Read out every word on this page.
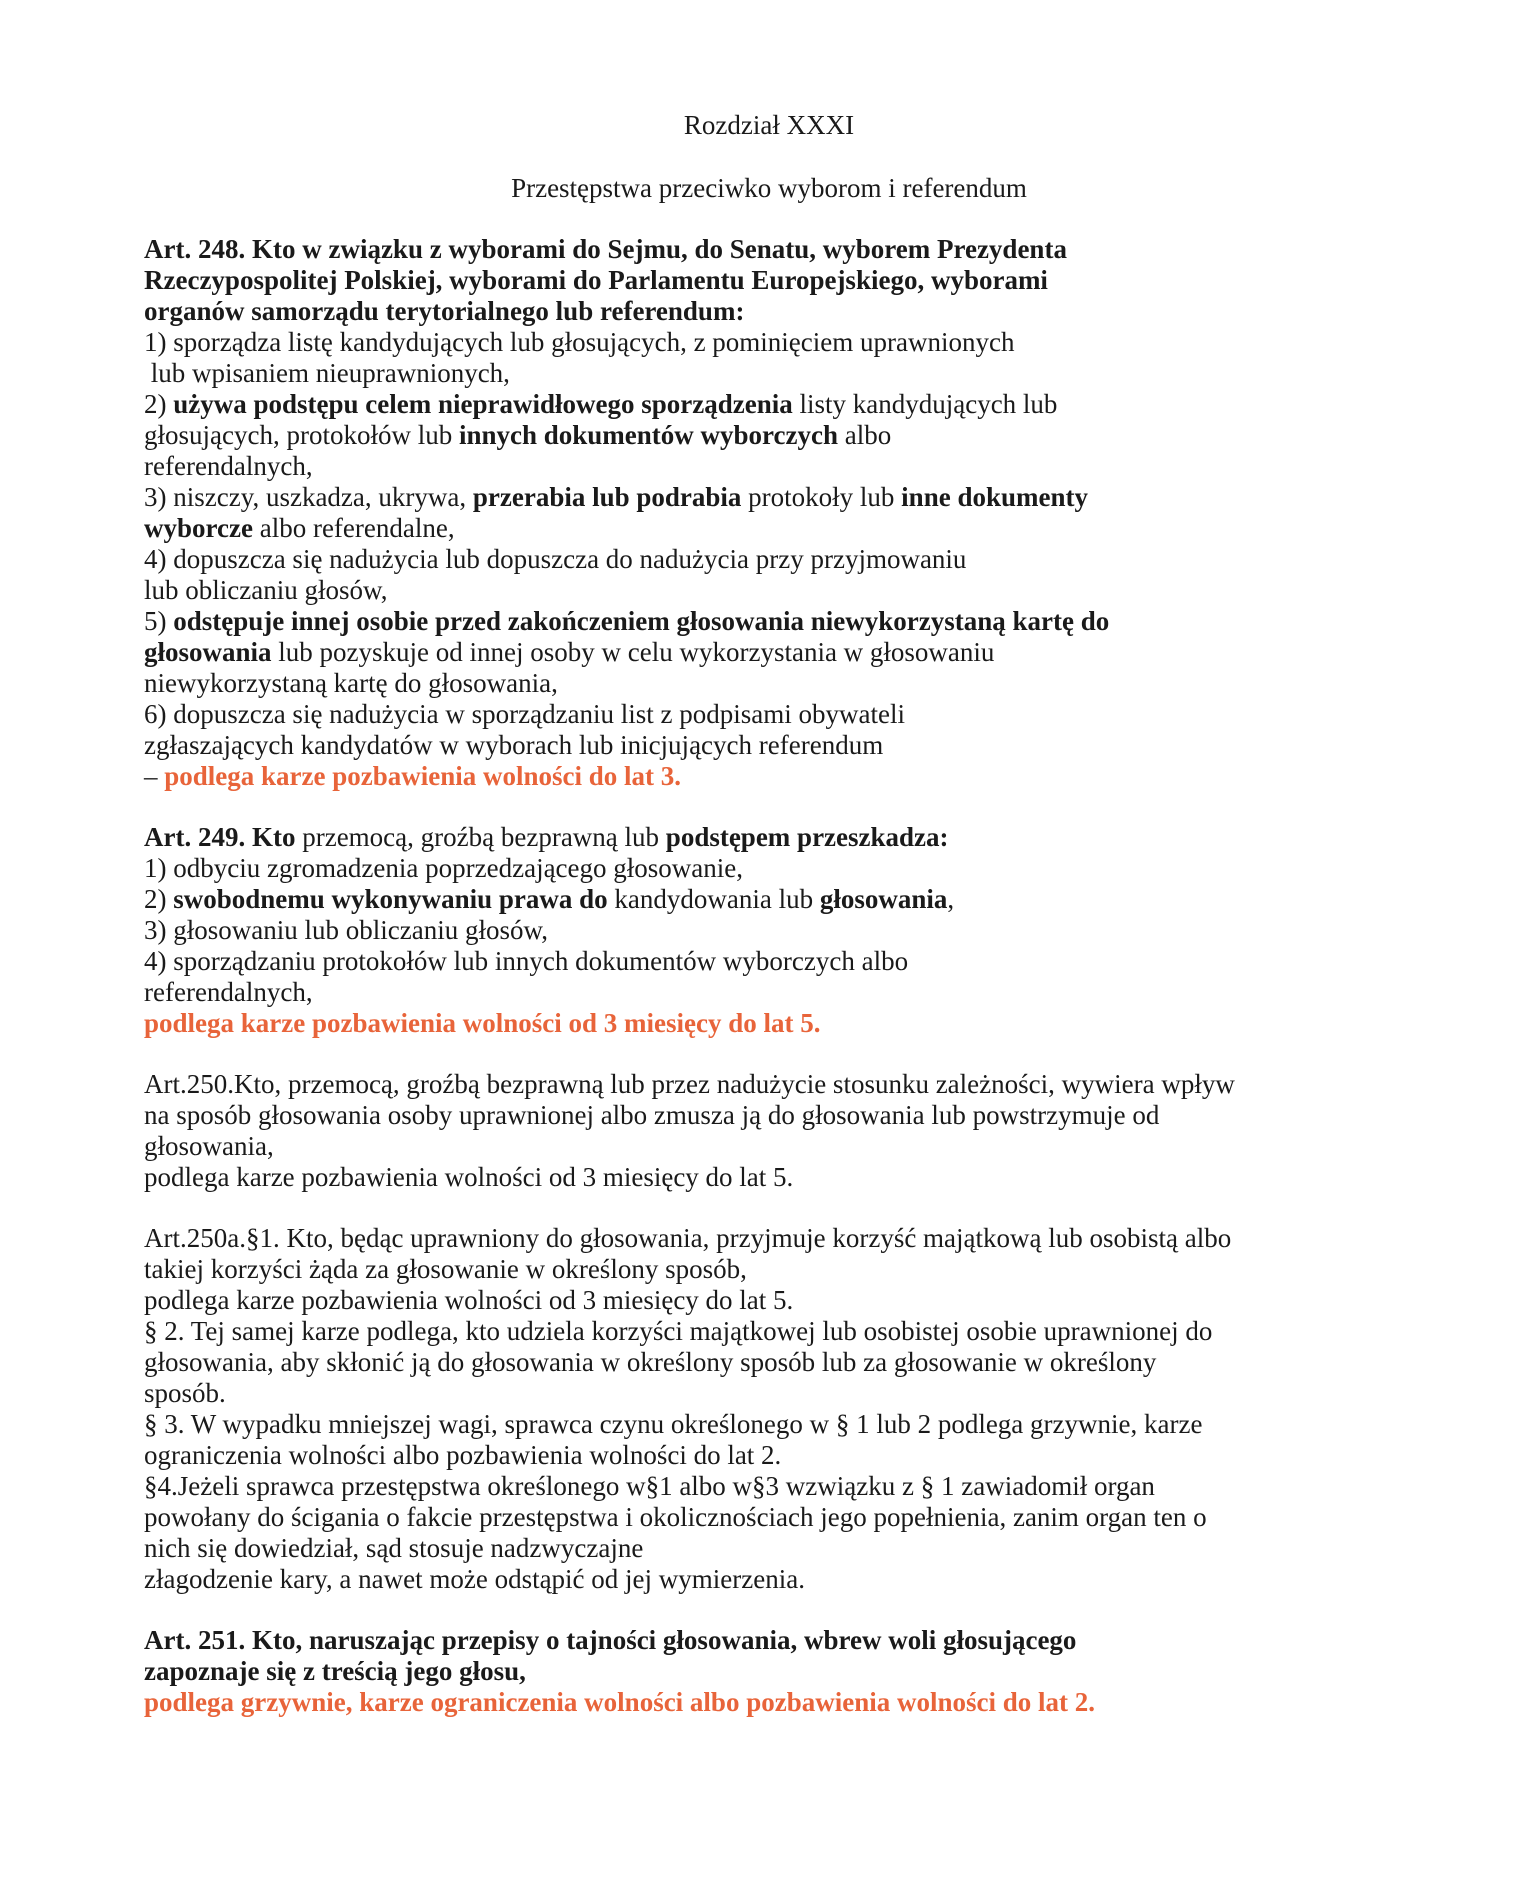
Rozdział XXXI
Przestępstwa przeciwko wyborom i referendum
Art. 248. Kto w związku z wyborami do Sejmu, do Senatu, wyborem Prezydenta
Rzeczypospolitej Polskiej, wyborami do Parlamentu Europejskiego, wyborami
organów samorządu terytorialnego lub referendum:
1) sporządza listę kandydujących lub głosujących, z pominięciem uprawnionych
lub wpisaniem nieuprawnionych,
2) używa podstępu celem nieprawidłowego sporządzenia listy kandydujących lub
głosujących, protokołów lub innych dokumentów wyborczych albo
referendalnych,
3) niszczy, uszkadza, ukrywa, przerabia lub podrabia protokoły lub inne dokumenty
wyborcze albo referendalne,
4) dopuszcza się nadużycia lub dopuszcza do nadużycia przy przyjmowaniu
lub obliczaniu głosów,
5) odstępuje innej osobie przed zakończeniem głosowania niewykorzystaną kartę do
głosowania lub pozyskuje od innej osoby w celu wykorzystania w głosowaniu
niewykorzystaną kartę do głosowania,
6) dopuszcza się nadużycia w sporządzaniu list z podpisami obywateli
zgłaszających kandydatów w wyborach lub inicjujących referendum
– podlega karze pozbawienia wolności do lat 3.
Art. 249. Kto przemocą, groźbą bezprawną lub podstępem przeszkadza:
1) odbyciu zgromadzenia poprzedzającego głosowanie,
2) swobodnemu wykonywaniu prawa do kandydowania lub głosowania,
3) głosowaniu lub obliczaniu głosów,
4) sporządzaniu protokołów lub innych dokumentów wyborczych albo
referendalnych,
podlega karze pozbawienia wolności od 3 miesięcy do lat 5.
Art.250.Kto, przemocą, groźbą bezprawną lub przez nadużycie stosunku zależności, wywiera wpływ
na sposób głosowania osoby uprawnionej albo zmusza ją do głosowania lub powstrzymuje od
głosowania,
podlega karze pozbawienia wolności od 3 miesięcy do lat 5.
Art.250a.§1. Kto, będąc uprawniony do głosowania, przyjmuje korzyść majątkową lub osobistą albo
takiej korzyści żąda za głosowanie w określony sposób,
podlega karze pozbawienia wolności od 3 miesięcy do lat 5.
§ 2. Tej samej karze podlega, kto udziela korzyści majątkowej lub osobistej osobie uprawnionej do
głosowania, aby skłonić ją do głosowania w określony sposób lub za głosowanie w określony
sposób.
§ 3. W wypadku mniejszej wagi, sprawca czynu określonego w § 1 lub 2 podlega grzywnie, karze
ograniczenia wolności albo pozbawienia wolności do lat 2.
§4.Jeżeli sprawca przestępstwa określonego w§1 albo w§3 wzwiązku z § 1 zawiadomił organ
powołany do ścigania o fakcie przestępstwa i okolicznościach jego popełnienia, zanim organ ten o
nich się dowiedział, sąd stosuje nadzwyczajne
złagodzenie kary, a nawet może odstąpić od jej wymierzenia.
Art. 251. Kto, naruszając przepisy o tajności głosowania, wbrew woli głosującego
zapoznaje się z treścią jego głosu,
podlega grzywnie, karze ograniczenia wolności albo pozbawienia wolności do lat 2.
